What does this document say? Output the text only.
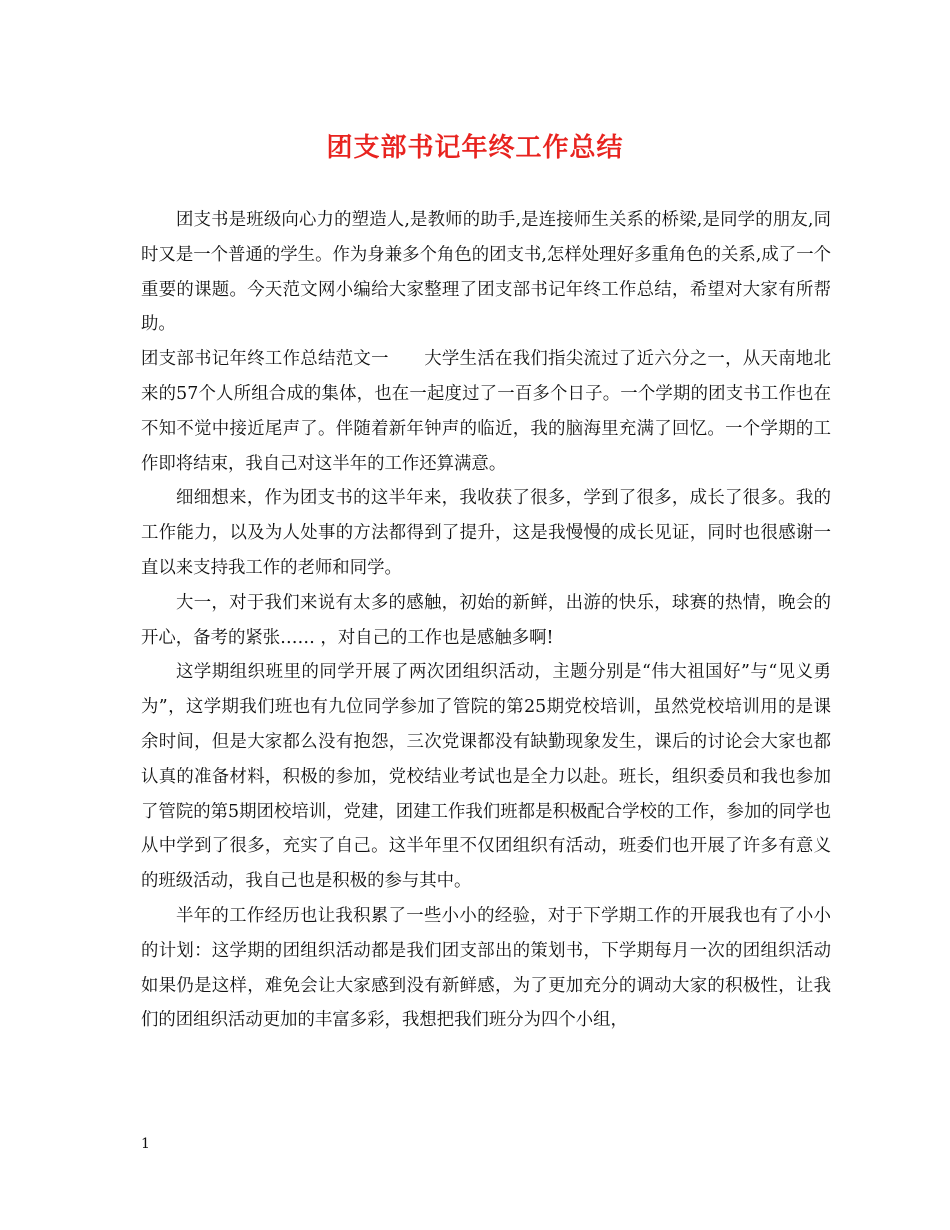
团支部书记年终工作总结

团支书是班级向心力的塑造人,是教师的助手,是连接师生关系的桥梁,是同学的朋友,同时又是一个普通的学生。作为身兼多个角色的团支书,怎样处理好多重角色的关系,成了一个重要的课题。今天范文网小编给大家整理了团支部书记年终工作总结，希望对大家有所帮助。

团支部书记年终工作总结范文一　　大学生活在我们指尖流过了近六分之一，从天南地北来的57个人所组合成的集体，也在一起度过了一百多个日子。一个学期的团支书工作也在不知不觉中接近尾声了。伴随着新年钟声的临近，我的脑海里充满了回忆。一个学期的工作即将结束，我自己对这半年的工作还算满意。

细细想来，作为团支书的这半年来，我收获了很多，学到了很多，成长了很多。我的工作能力，以及为人处事的方法都得到了提升，这是我慢慢的成长见证，同时也很感谢一直以来支持我工作的老师和同学。

大一，对于我们来说有太多的感触，初始的新鲜，出游的快乐，球赛的热情，晚会的开心，备考的紧张…… ，对自己的工作也是感触多啊!

这学期组织班里的同学开展了两次团组织活动，主题分别是“伟大祖国好”与“见义勇为”，这学期我们班也有九位同学参加了管院的第25期党校培训，虽然党校培训用的是课余时间，但是大家都么没有抱怨，三次党课都没有缺勤现象发生，课后的讨论会大家也都认真的准备材料，积极的参加，党校结业考试也是全力以赴。班长，组织委员和我也参加了管院的第5期团校培训，党建，团建工作我们班都是积极配合学校的工作，参加的同学也从中学到了很多，充实了自己。这半年里不仅团组织有活动，班委们也开展了许多有意义的班级活动，我自己也是积极的参与其中。

半年的工作经历也让我积累了一些小小的经验，对于下学期工作的开展我也有了小小的计划：这学期的团组织活动都是我们团支部出的策划书，下学期每月一次的团组织活动如果仍是这样，难免会让大家感到没有新鲜感，为了更加充分的调动大家的积极性，让我们的团组织活动更加的丰富多彩，我想把我们班分为四个小组，

1
